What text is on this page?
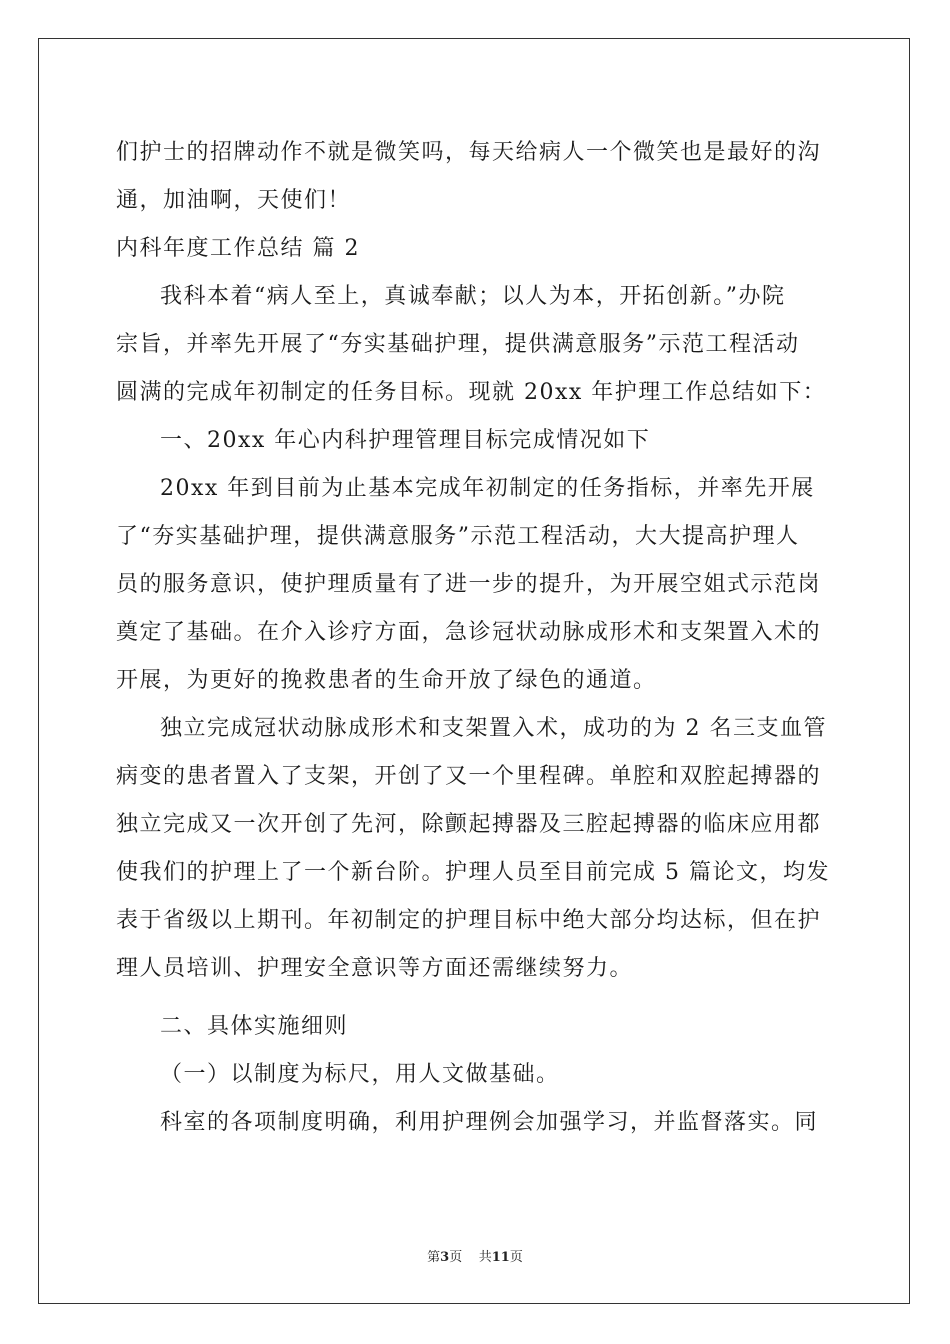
们护士的招牌动作不就是微笑吗，每天给病人一个微笑也是最好的沟
通，加油啊，天使们！
内科年度工作总结 篇 2
我科本着“病人至上，真诚奉献；以人为本，开拓创新。”办院
宗旨，并率先开展了“夯实基础护理，提供满意服务”示范工程活动
圆满的完成年初制定的任务目标。现就 20xx 年护理工作总结如下：
一、20xx 年心内科护理管理目标完成情况如下
20xx 年到目前为止基本完成年初制定的任务指标，并率先开展
了“夯实基础护理，提供满意服务”示范工程活动，大大提高护理人
员的服务意识，使护理质量有了进一步的提升，为开展空姐式示范岗
奠定了基础。在介入诊疗方面，急诊冠状动脉成形术和支架置入术的
开展，为更好的挽救患者的生命开放了绿色的通道。
独立完成冠状动脉成形术和支架置入术，成功的为 2 名三支血管
病变的患者置入了支架，开创了又一个里程碑。单腔和双腔起搏器的
独立完成又一次开创了先河，除颤起搏器及三腔起搏器的临床应用都
使我们的护理上了一个新台阶。护理人员至目前完成 5 篇论文，均发
表于省级以上期刊。年初制定的护理目标中绝大部分均达标，但在护
理人员培训、护理安全意识等方面还需继续努力。
二、具体实施细则
（一）以制度为标尺，用人文做基础。
科室的各项制度明确，利用护理例会加强学习，并监督落实。同
第3页    共11页
